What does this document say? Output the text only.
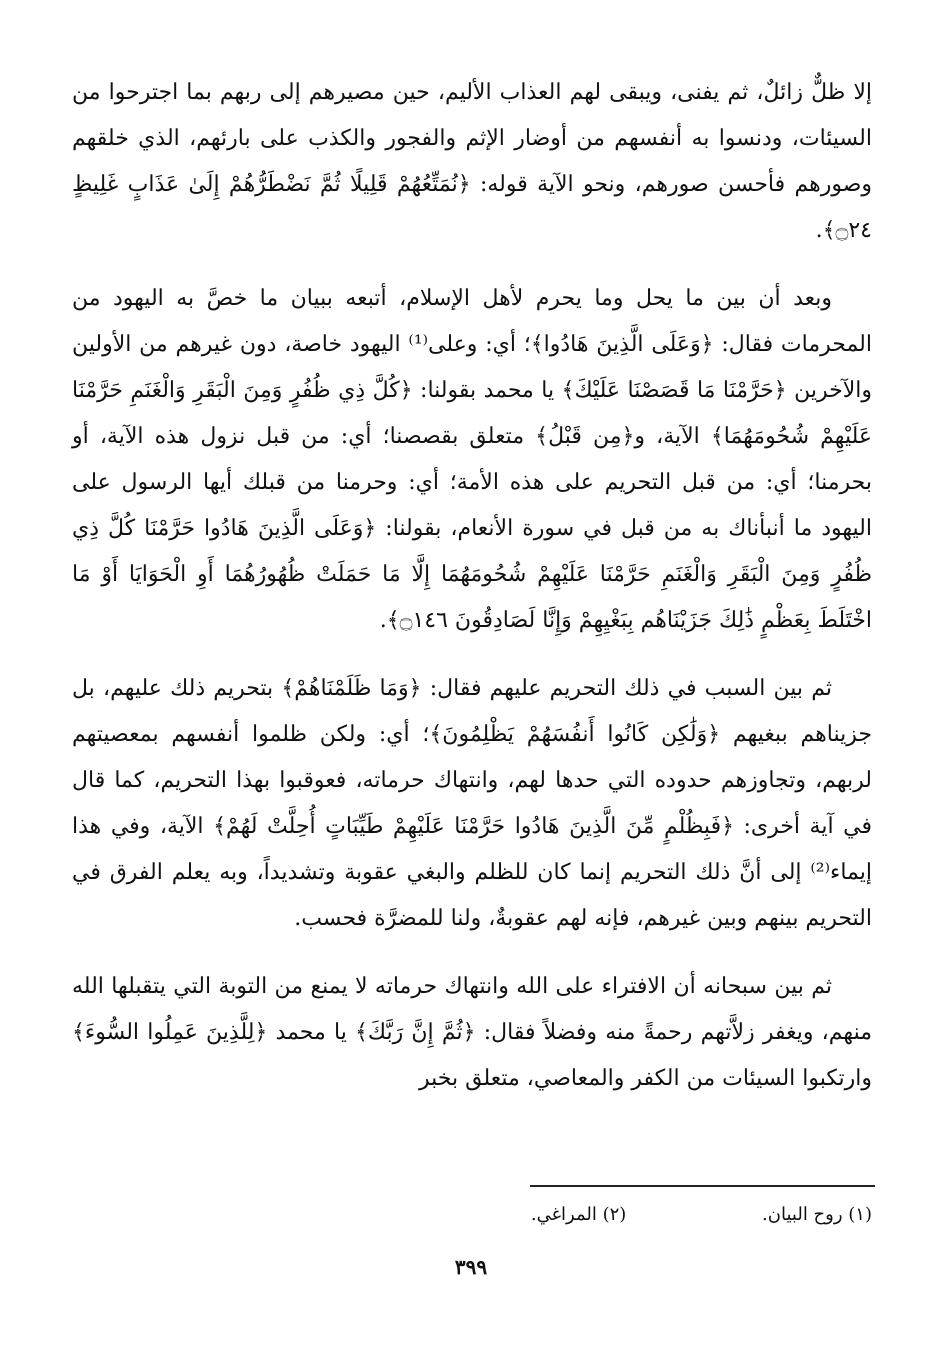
إلا ظلٌّ زائلٌ، ثم يفنى، ويبقى لهم العذاب الأليم، حين مصيرهم إلى ربهم بما اجترحوا من السيئات، ودنسوا به أنفسهم من أوضار الإثم والفجور والكذب على بارئهم، الذي خلقهم وصورهم فأحسن صورهم، ونحو الآية قوله: ﴿نُمَتِّعُهُمْ قَلِيلًا ثُمَّ نَضْطَرُّهُمْ إِلَىٰ عَذَابٍ غَلِيظٍ ۝٢٤﴾.

وبعد أن بين ما يحل وما يحرم لأهل الإسلام، أتبعه ببيان ما خصَّ به اليهود من المحرمات فقال: ﴿وَعَلَى الَّذِينَ هَادُوا﴾؛ أي: وعلى⁽¹⁾ اليهود خاصة، دون غيرهم من الأولين والآخرين ﴿حَرَّمْنَا مَا قَصَصْنَا عَلَيْكَ﴾ يا محمد بقولنا: ﴿كُلَّ ذِي ظُفُرٍ وَمِنَ الْبَقَرِ وَالْغَنَمِ حَرَّمْنَا عَلَيْهِمْ شُحُومَهُمَا﴾ الآية، و﴿مِن قَبْلُ﴾ متعلق بقصصنا؛ أي: من قبل نزول هذه الآية، أو بحرمنا؛ أي: من قبل التحريم على هذه الأمة؛ أي: وحرمنا من قبلك أيها الرسول على اليهود ما أنبأناك به من قبل في سورة الأنعام، بقولنا: ﴿وَعَلَى الَّذِينَ هَادُوا حَرَّمْنَا كُلَّ ذِي ظُفُرٍ وَمِنَ الْبَقَرِ وَالْغَنَمِ حَرَّمْنَا عَلَيْهِمْ شُحُومَهُمَا إِلَّا مَا حَمَلَتْ ظُهُورُهُمَا أَوِ الْحَوَايَا أَوْ مَا اخْتَلَطَ بِعَظْمٍ ذَٰلِكَ جَزَيْنَاهُم بِبَغْيِهِمْ وَإِنَّا لَصَادِقُونَ ۝١٤٦﴾.

ثم بين السبب في ذلك التحريم عليهم فقال: ﴿وَمَا ظَلَمْنَاهُمْ﴾ بتحريم ذلك عليهم، بل جزيناهم ببغيهم ﴿وَلَٰكِن كَانُوا أَنفُسَهُمْ يَظْلِمُونَ﴾؛ أي: ولكن ظلموا أنفسهم بمعصيتهم لربهم، وتجاوزهم حدوده التي حدها لهم، وانتهاك حرماته، فعوقبوا بهذا التحريم، كما قال في آية أخرى: ﴿فَبِظُلْمٍ مِّنَ الَّذِينَ هَادُوا حَرَّمْنَا عَلَيْهِمْ طَيِّبَاتٍ أُحِلَّتْ لَهُمْ﴾ الآية، وفي هذا إيماء⁽²⁾ إلى أنَّ ذلك التحريم إنما كان للظلم والبغي عقوبة وتشديداً، وبه يعلم الفرق في التحريم بينهم وبين غيرهم، فإنه لهم عقوبةٌ، ولنا للمضرَّة فحسب.

ثم بين سبحانه أن الافتراء على الله وانتهاك حرماته لا يمنع من التوبة التي يتقبلها الله منهم، ويغفر زلاَّتهم رحمةً منه وفضلاً فقال: ﴿ثُمَّ إِنَّ رَبَّكَ﴾ يا محمد ﴿لِلَّذِينَ عَمِلُوا السُّوءَ﴾ وارتكبوا السيئات من الكفر والمعاصي، متعلق بخبر

(١) روح البيان. (٢) المراغي.
٣٩٩
